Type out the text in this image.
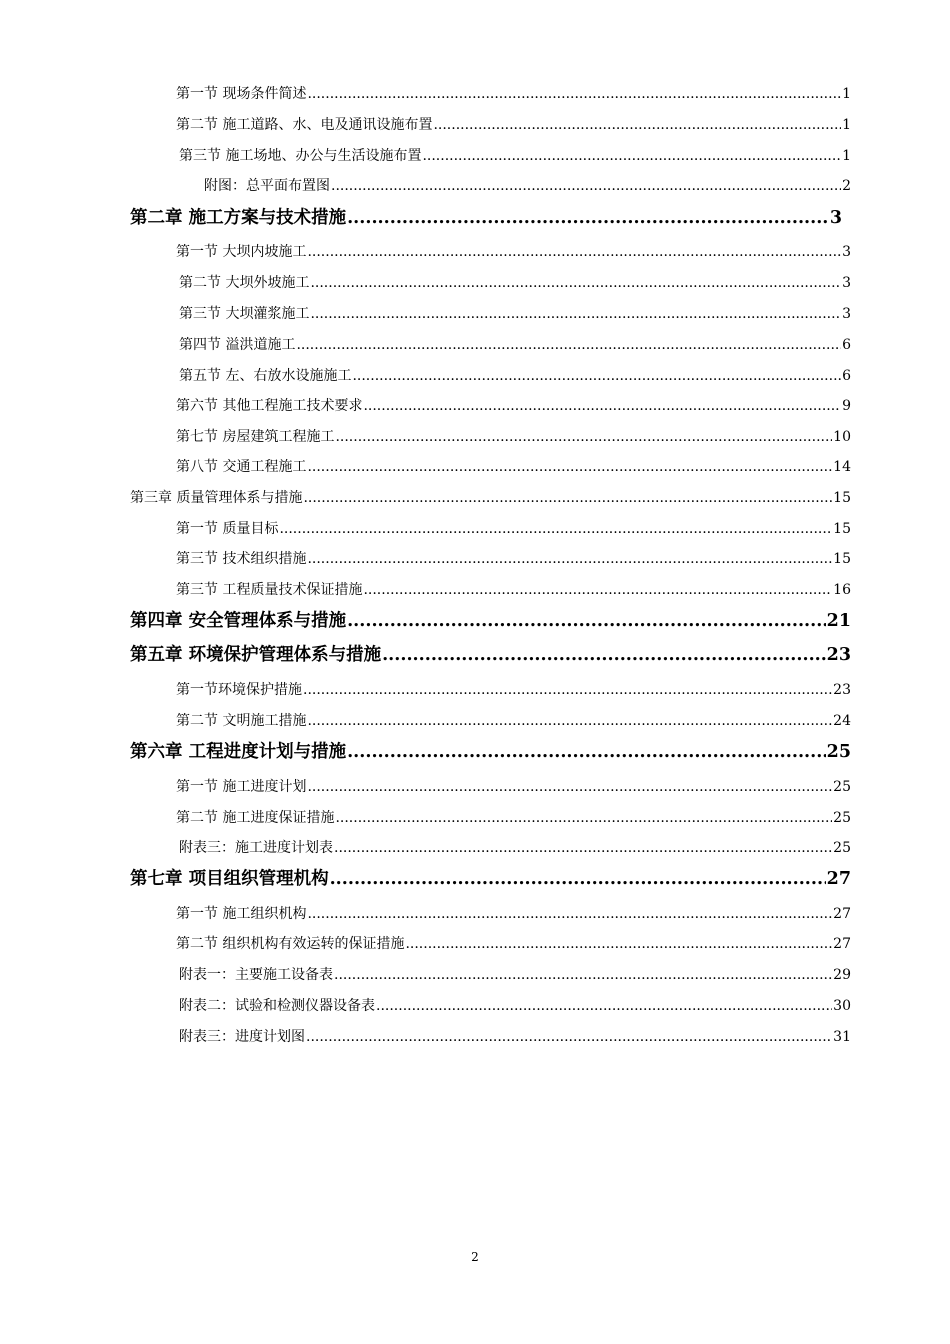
第一节 现场条件简述 .....	1
第二节 施工道路、水、电及通讯设施布置 .....	1
第三节 施工场地、办公与生活设施布置 .....	1
附图：总平面布置图 .....	2
第二章 施工方案与技术措施 .....	3
第一节 大坝内坡施工 .....	3
第二节 大坝外坡施工 .....	3
第三节 大坝灌浆施工 .....	3
第四节 溢洪道施工 .....	6
第五节 左、右放水设施施工 .....	6
第六节 其他工程施工技术要求 .....	9
第七节 房屋建筑工程施工 .....	10
第八节 交通工程施工 .....	14
第三章 质量管理体系与措施 .....	15
第一节 质量目标 .....	15
第三节 技术组织措施 .....	15
第三节 工程质量技术保证措施 .....	16
第四章 安全管理体系与措施 .....	21
第五章 环境保护管理体系与措施 .....	23
第一节环境保护措施 .....	23
第二节 文明施工措施 .....	24
第六章 工程进度计划与措施 .....	25
第一节 施工进度计划 .....	25
第二节 施工进度保证措施 .....	25
附表三：施工进度计划表 .....	25
第七章 项目组织管理机构 .....	27
第一节 施工组织机构 .....	27
第二节 组织机构有效运转的保证措施 .....	27
附表一：主要施工设备表 .....	29
附表二：试验和检测仪器设备表 .....	30
附表三：进度计划图 .....	31
2
